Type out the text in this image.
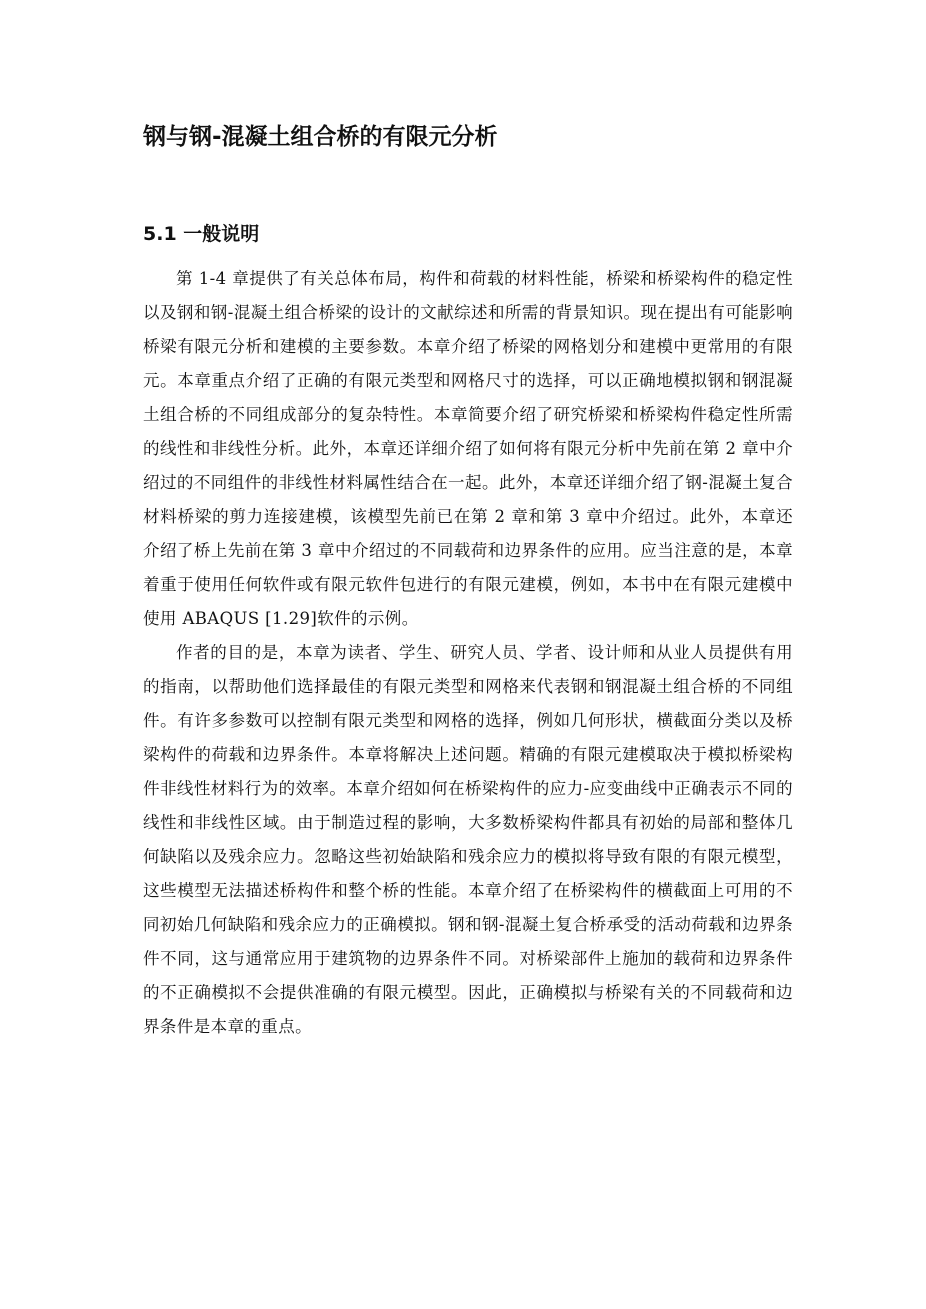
钢与钢-混凝土组合桥的有限元分析
5.1 一般说明

第 1-4 章提供了有关总体布局，构件和荷载的材料性能，桥梁和桥梁构件的稳定性以及钢和钢-混凝土组合桥梁的设计的文献综述和所需的背景知识。现在提出有可能影响桥梁有限元分析和建模的主要参数。本章介绍了桥梁的网格划分和建模中更常用的有限元。本章重点介绍了正确的有限元类型和网格尺寸的选择，可以正确地模拟钢和钢混凝土组合桥的不同组成部分的复杂特性。本章简要介绍了研究桥梁和桥梁构件稳定性所需的线性和非线性分析。此外，本章还详细介绍了如何将有限元分析中先前在第 2 章中介绍过的不同组件的非线性材料属性结合在一起。此外，本章还详细介绍了钢-混凝土复合材料桥梁的剪力连接建模，该模型先前已在第 2 章和第 3 章中介绍过。此外，本章还介绍了桥上先前在第 3 章中介绍过的不同载荷和边界条件的应用。应当注意的是，本章着重于使用任何软件或有限元软件包进行的有限元建模，例如，本书中在有限元建模中使用 ABAQUS [1.29]软件的示例。

作者的目的是，本章为读者、学生、研究人员、学者、设计师和从业人员提供有用的指南，以帮助他们选择最佳的有限元类型和网格来代表钢和钢混凝土组合桥的不同组件。有许多参数可以控制有限元类型和网格的选择，例如几何形状，横截面分类以及桥梁构件的荷载和边界条件。本章将解决上述问题。精确的有限元建模取决于模拟桥梁构件非线性材料行为的效率。本章介绍如何在桥梁构件的应力-应变曲线中正确表示不同的线性和非线性区域。由于制造过程的影响，大多数桥梁构件都具有初始的局部和整体几何缺陷以及残余应力。忽略这些初始缺陷和残余应力的模拟将导致有限的有限元模型，这些模型无法描述桥构件和整个桥的性能。本章介绍了在桥梁构件的横截面上可用的不同初始几何缺陷和残余应力的正确模拟。钢和钢-混凝土复合桥承受的活动荷载和边界条件不同，这与通常应用于建筑物的边界条件不同。对桥梁部件上施加的载荷和边界条件的不正确模拟不会提供准确的有限元模型。因此，正确模拟与桥梁有关的不同载荷和边界条件是本章的重点。
